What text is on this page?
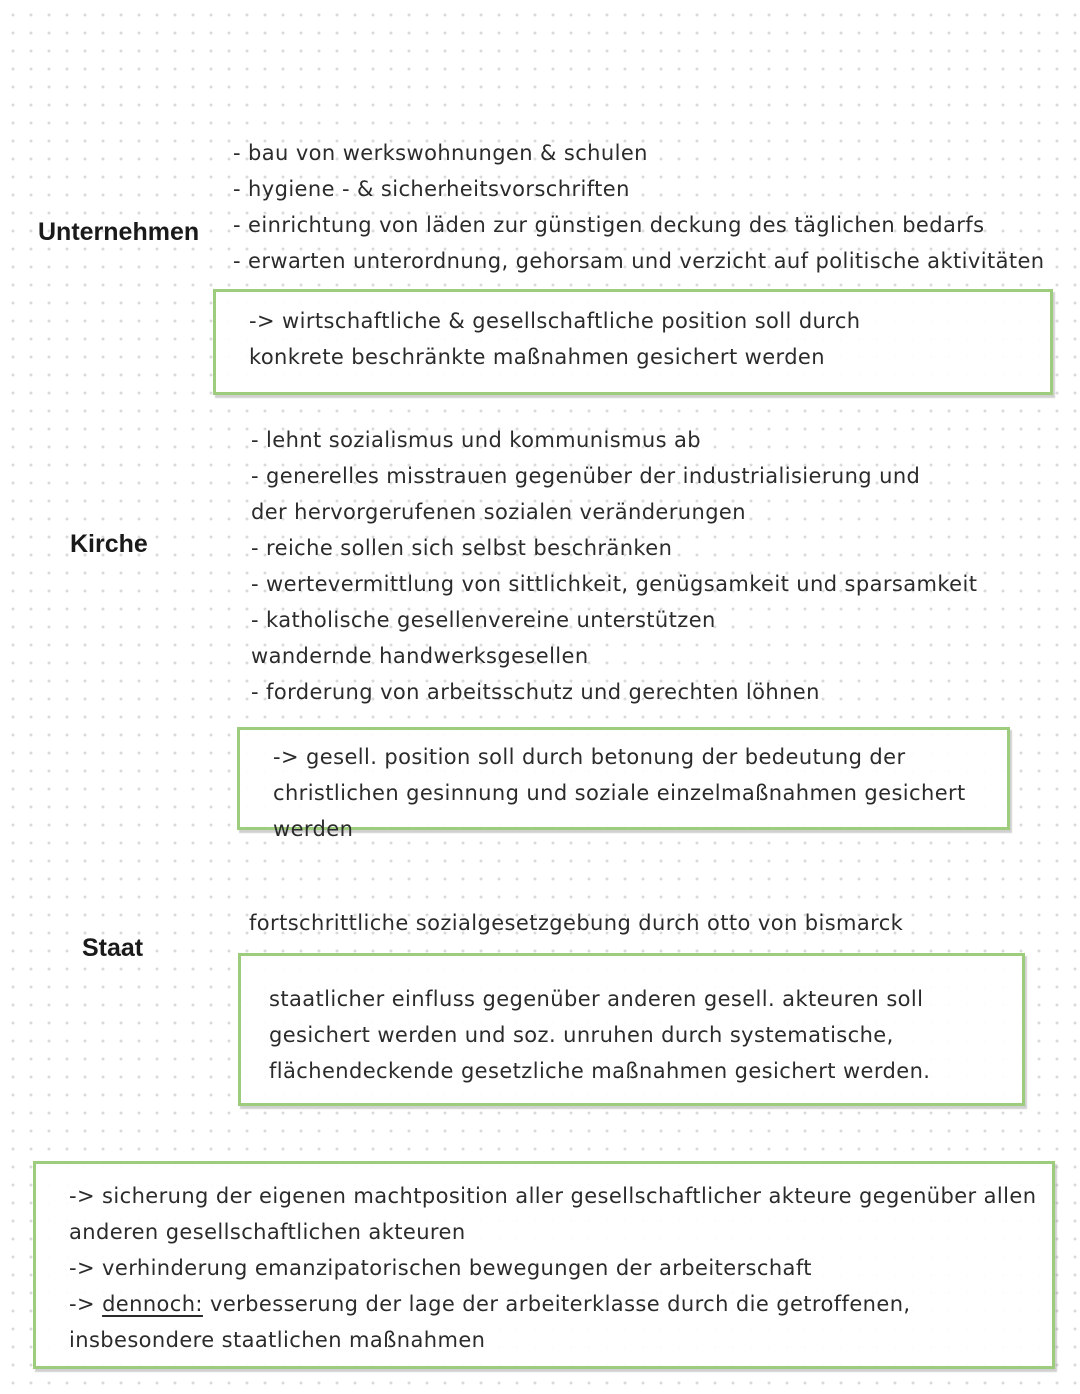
Unternehmen
- bau von werkswohnungen & schulen
- hygiene - & sicherheitsvorschriften
- einrichtung von läden zur günstigen deckung des täglichen bedarfs
- erwarten unterordnung, gehorsam und verzicht auf politische aktivitäten

-> wirtschaftliche & gesellschaftliche position soll durch konkrete beschränkte maßnahmen gesichert werden

Kirche
- lehnt sozialismus und kommunismus ab
- generelles misstrauen gegenüber der industrialisierung und der hervorgerufenen sozialen veränderungen
- reiche sollen sich selbst beschränken
- wertevermittlung von sittlichkeit, genügsamkeit und sparsamkeit
- katholische gesellenvereine unterstützen wandernde handwerksgesellen
- forderung von arbeitsschutz und gerechten löhnen

-> gesell. position soll durch betonung der bedeutung der christlichen gesinnung und soziale einzelmaßnahmen gesichert werden

Staat

fortschrittliche sozialgesetzgebung durch otto von bismarck

staatlicher einfluss gegenüber anderen gesell. akteuren soll gesichert werden und soz. unruhen durch systematische, flächendeckende gesetzliche maßnahmen gesichert werden.

-> sicherung der eigenen machtposition aller gesellschaftlicher akteure gegenüber allen anderen gesellschaftlichen akteuren

-> verhinderung emanzipatorischen bewegungen der arbeiterschaft

-> dennoch: verbesserung der lage der arbeiterklasse durch die getroffenen, insbesondere staatlichen maßnahmen
